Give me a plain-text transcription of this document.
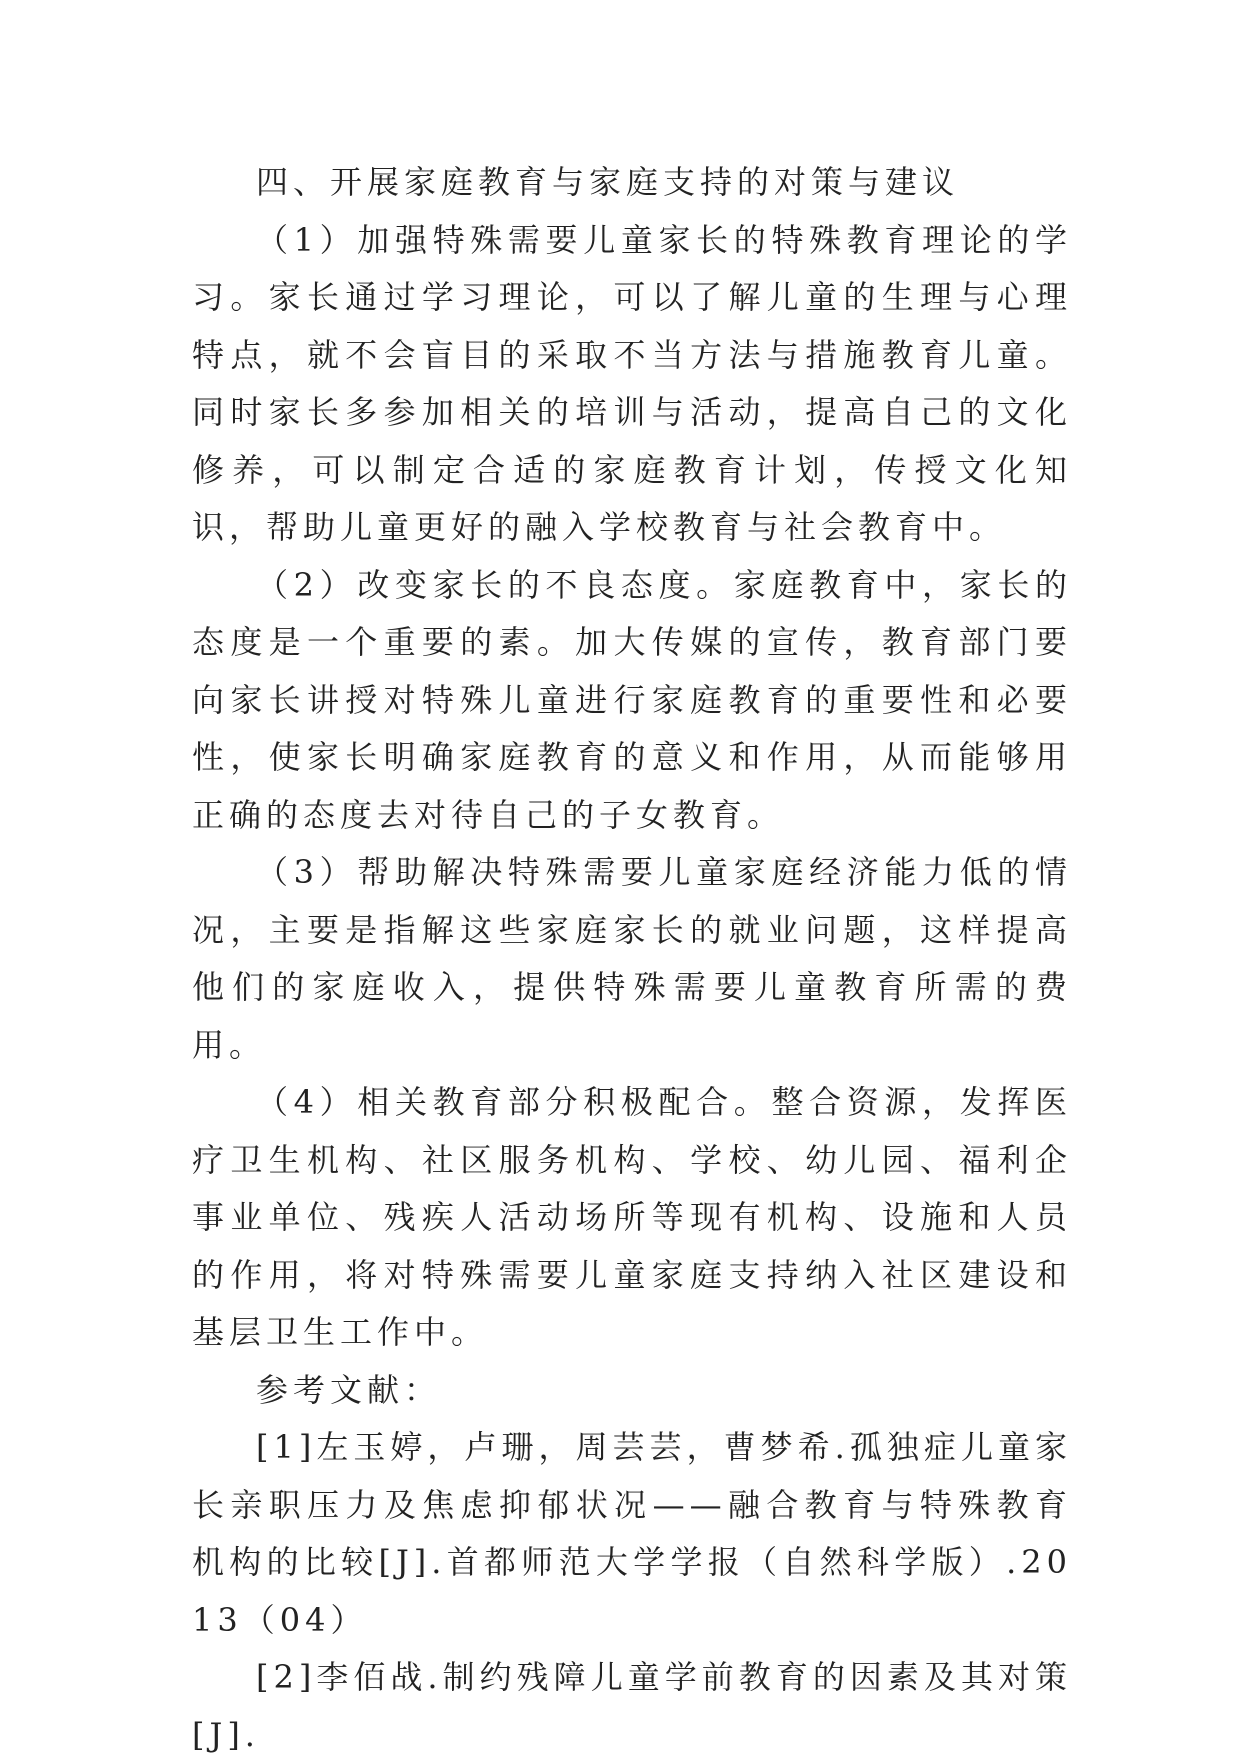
四、开展家庭教育与家庭支持的对策与建议

（1）加强特殊需要儿童家长的特殊教育理论的学习。家长通过学习理论，可以了解儿童的生理与心理特点，就不会盲目的采取不当方法与措施教育儿童。同时家长多参加相关的培训与活动，提高自己的文化修养，可以制定合适的家庭教育计划，传授文化知识，帮助儿童更好的融入学校教育与社会教育中。

（2）改变家长的不良态度。家庭教育中，家长的态度是一个重要的素。加大传媒的宣传，教育部门要向家长讲授对特殊儿童进行家庭教育的重要性和必要性，使家长明确家庭教育的意义和作用，从而能够用正确的态度去对待自己的子女教育。

（3）帮助解决特殊需要儿童家庭经济能力低的情况，主要是指解这些家庭家长的就业问题，这样提高他们的家庭收入，提供特殊需要儿童教育所需的费用。

（4）相关教育部分积极配合。整合资源，发挥医疗卫生机构、社区服务机构、学校、幼儿园、福利企事业单位、残疾人活动场所等现有机构、设施和人员的作用，将对特殊需要儿童家庭支持纳入社区建设和基层卫生工作中。

参考文献：

[1]左玉婷，卢珊，周芸芸，曹梦希.孤独症儿童家长亲职压力及焦虑抑郁状况——融合教育与特殊教育机构的比较[J].首都师范大学学报（自然科学版）.2013（04）

[2]李佰战.制约残障儿童学前教育的因素及其对策[J].
